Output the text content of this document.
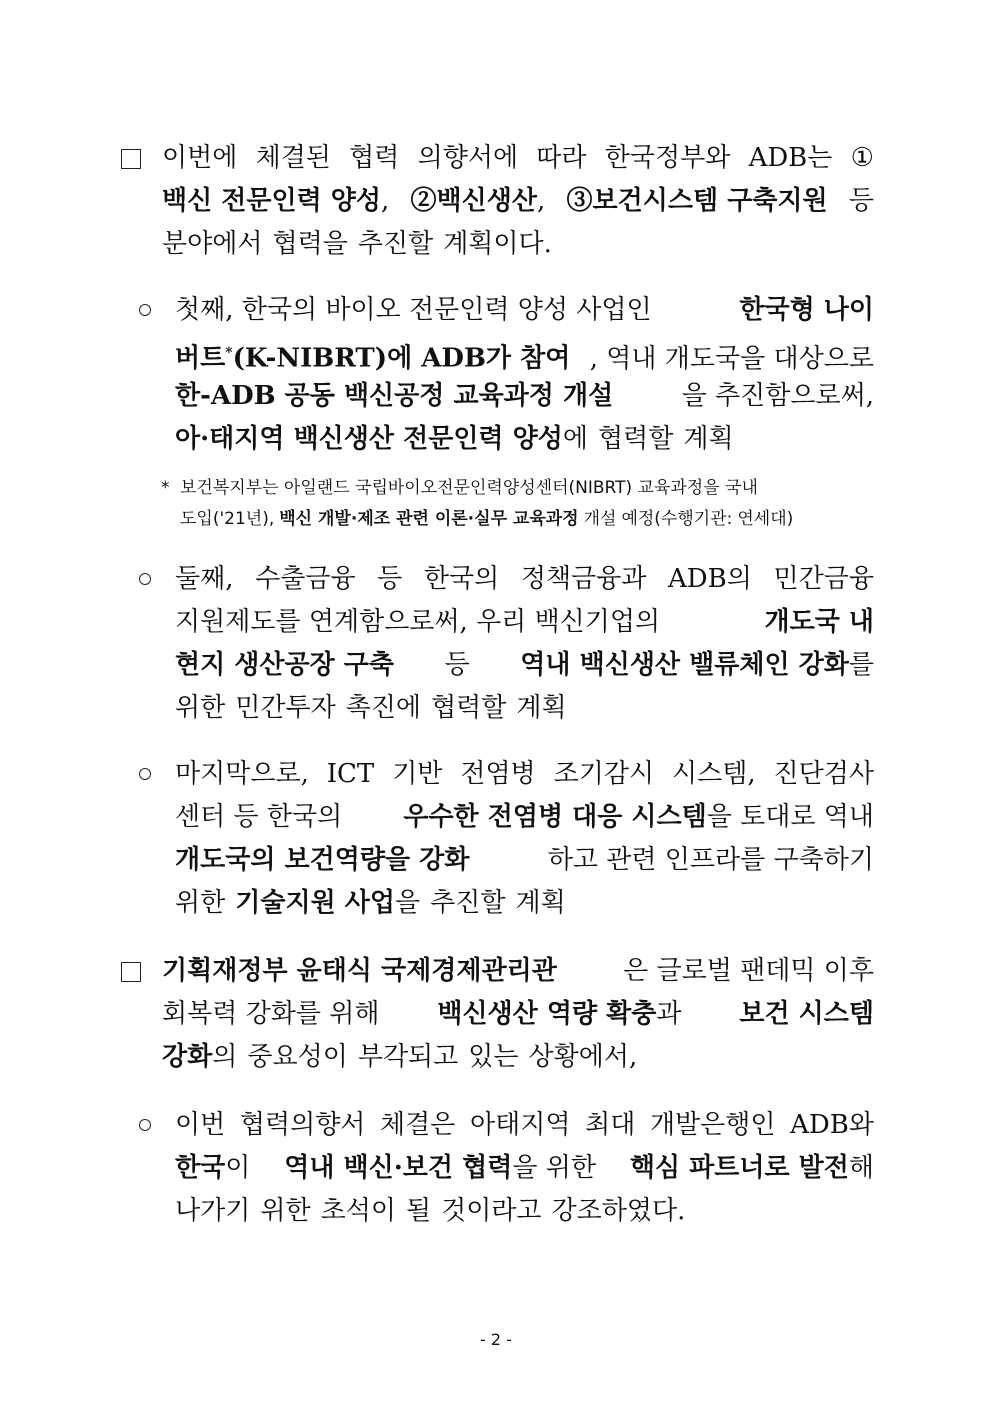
이번에 체결된 협력 의향서에 따라 한국정부와 ADB는 ①
백신 전문인력 양성, ②백신생산, ③보건시스템 구축지원 등
분야에서 협력을 추진할 계획이다.
첫째, 한국의 바이오 전문인력 양성 사업인	한국형 나이
버트*(K-NIBRT)에 ADB가 참여 , 역내 개도국을 대상으로
한-ADB 공동 백신공정 교육과정 개설	을 추진함으로써,
아·태지역 백신생산 전문인력 양성에 협력할 계획
* 보건복지부는 아일랜드 국립바이오전문인력양성센터(NIBRT) 교육과정을 국내
도입('21년), 백신 개발·제조 관련 이론·실무 교육과정 개설 예정(수행기관: 연세대)
둘째, 수출금융 등 한국의 정책금융과 ADB의 민간금융
지원제도를 연계함으로써, 우리 백신기업의	개도국 내
현지 생산공장 구축 등 역내 백신생산 밸류체인 강화를
위한 민간투자 촉진에 협력할 계획
마지막으로, ICT 기반 전염병 조기감시 시스템, 진단검사
센터 등 한국의 우수한 전염병 대응 시스템을 토대로 역내
개도국의 보건역량을 강화	하고 관련 인프라를 구축하기
위한 기술지원 사업을 추진할 계획
기획재정부 윤태식 국제경제관리관	은 글로벌 팬데믹 이후
회복력 강화를 위해 백신생산 역량 확충과 보건 시스템
강화의 중요성이 부각되고 있는 상황에서,
이번 협력의향서 체결은 아태지역 최대 개발은행인 ADB와
한국이 역내 백신·보건 협력을 위한 핵심 파트너로 발전해
나가기 위한 초석이 될 것이라고 강조하였다.
- 2 -
